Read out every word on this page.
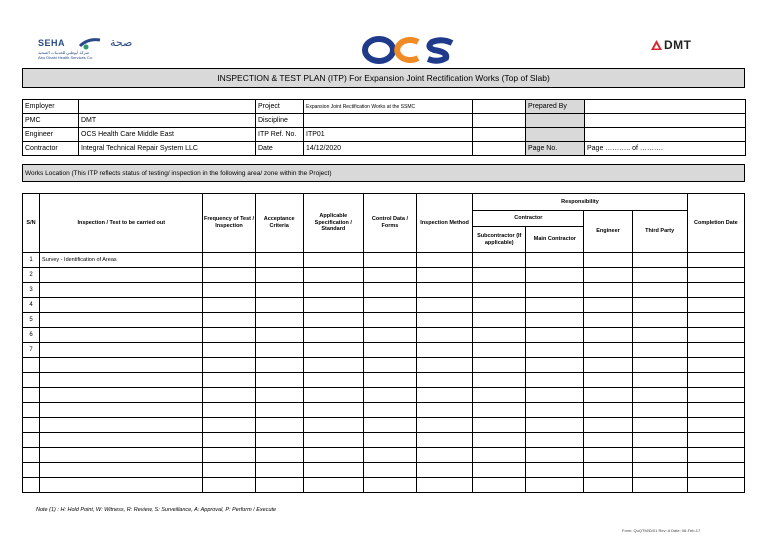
SEHA	صحة
شركة أبوظبي للخدمات الصحية
Abu Dhabi Health Services Co.
DMT
INSPECTION & TEST PLAN (ITP) For Expansion Joint Rectification Works (Top of Slab)
Employer		Project	Expansion Joint Rectification Works at the SSMC		Prepared By	
PMC	DMT	Discipline				
Engineer	OCS Health Care Middle East	ITP Ref. No.	ITP01			
Contractor	Integral Technical Repair System LLC	Date	14/12/2020		Page No.	Page ……….. of ……….
Works Location (This ITP reflects status of testing/ inspection in the following area/ zone within the Project)
S/N	Inspection / Test to be carried out	Frequency of Test / Inspection	Acceptance Criteria	Applicable Specification / Standard	Control Data / Forms	Inspection Method	Responsibility				Completion Date
							Contractor		Engineer	Third Party	
							Subcontractor (If applicable)	Main Contractor			
1	Survey - Identification of Areas										
2											
3											
4											
5											
6											
7											

Note (1) : H: Hold Point, W: Witness, R: Review, S: Surveillance, A: Approval, P: Perform / Execute
Form: QuQTM/D/01 Rev: A Date: 08-Feb-17
